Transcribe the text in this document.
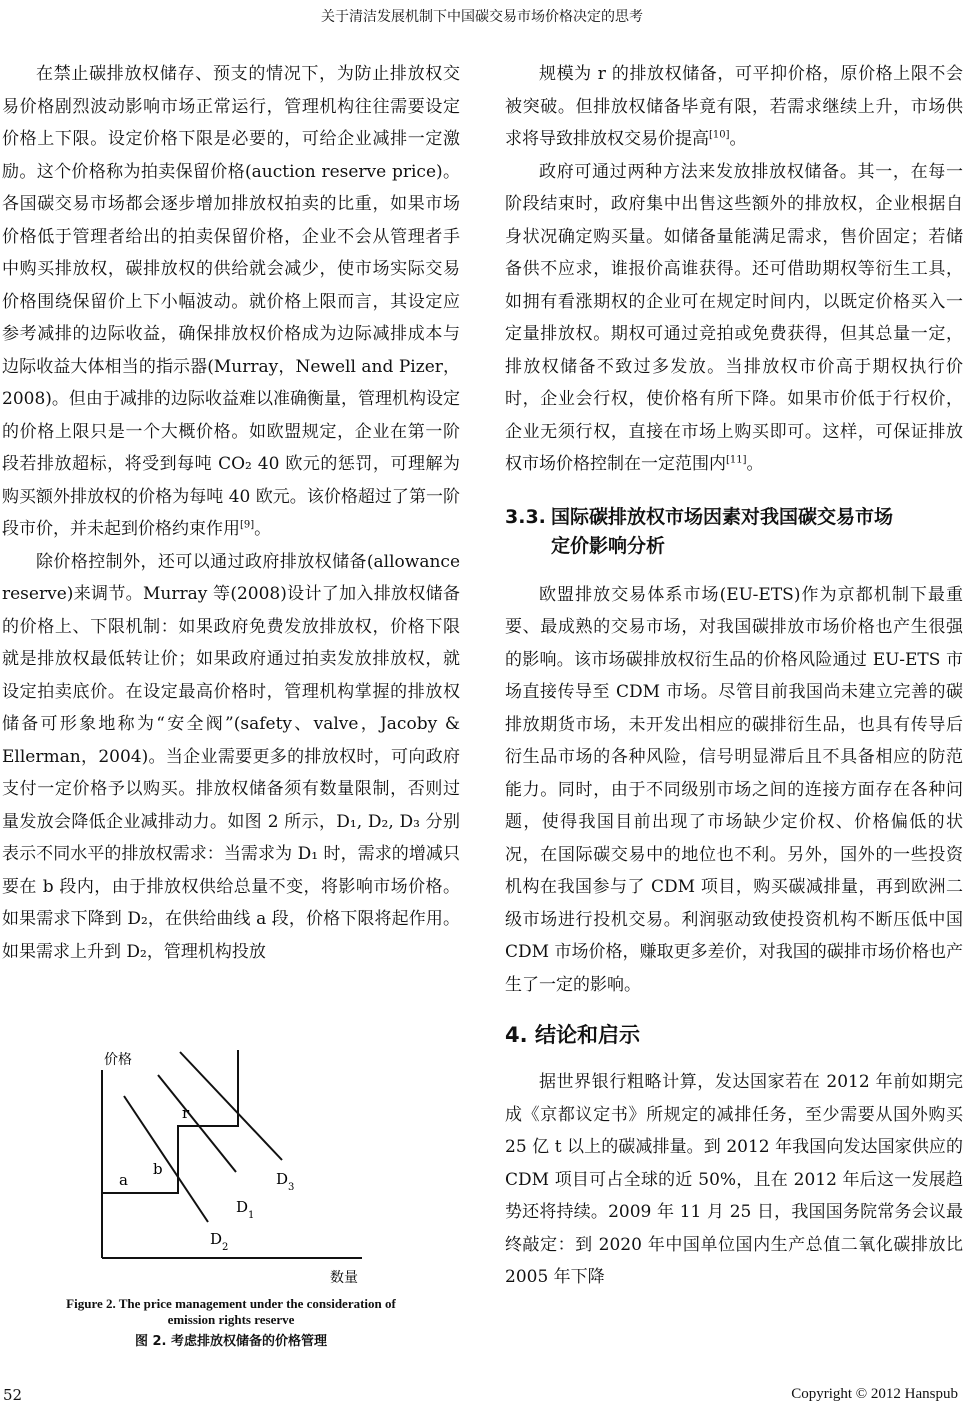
关于清洁发展机制下中国碳交易市场价格决定的思考

在禁止碳排放权储存、预支的情况下，为防止排放权交易价格剧烈波动影响市场正常运行，管理机构往往需要设定价格上下限。设定价格下限是必要的，可给企业减排一定激励。这个价格称为拍卖保留价格(auction reserve price)。各国碳交易市场都会逐步增加排放权拍卖的比重，如果市场价格低于管理者给出的拍卖保留价格，企业不会从管理者手中购买排放权，碳排放权的供给就会减少，使市场实际交易价格围绕保留价上下小幅波动。就价格上限而言，其设定应参考减排的边际收益，确保排放权价格成为边际减排成本与边际收益大体相当的指示器(Murray，Newell and Pizer，2008)。但由于减排的边际收益难以准确衡量，管理机构设定的价格上限只是一个大概价格。如欧盟规定，企业在第一阶段若排放超标，将受到每吨 CO₂ 40 欧元的惩罚，可理解为购买额外排放权的价格为每吨 40 欧元。该价格超过了第一阶段市价，并未起到价格约束作用[9]。

除价格控制外，还可以通过政府排放权储备(allowance reserve)来调节。Murray 等(2008)设计了加入排放权储备的价格上、下限机制：如果政府免费发放排放权，价格下限就是排放权最低转让价；如果政府通过拍卖发放排放权，就设定拍卖底价。在设定最高价格时，管理机构掌握的排放权储备可形象地称为“安全阀”(safety、valve，Jacoby & Ellerman，2004)。当企业需要更多的排放权时，可向政府支付一定价格予以购买。排放权储备须有数量限制，否则过量发放会降低企业减排动力。如图 2 所示，D₁, D₂, D₃ 分别表示不同水平的排放权需求：当需求为 D₁ 时，需求的增减只要在 b 段内，由于排放权供给总量不变，将影响市场价格。如果需求下降到 D₂，在供给曲线 a 段，价格下限将起作用。如果需求上升到 D₂，管理机构投放

规模为 r 的排放权储备，可平抑价格，原价格上限不会被突破。但排放权储备毕竟有限，若需求继续上升，市场供求将导致排放权交易价提高[10]。

政府可通过两种方法来发放排放权储备。其一，在每一阶段结束时，政府集中出售这些额外的排放权，企业根据自身状况确定购买量。如储备量能满足需求，售价固定；若储备供不应求，谁报价高谁获得。还可借助期权等衍生工具，如拥有看涨期权的企业可在规定时间内，以既定价格买入一定量排放权。期权可通过竞拍或免费获得，但其总量一定，排放权储备不致过多发放。当排放权市价高于期权执行价时，企业会行权，使价格有所下降。如果市价低于行权价，企业无须行权，直接在市场上购买即可。这样，可保证排放权市场价格控制在一定范围内[11]。

3.3. 国际碳排放权市场因素对我国碳交易市场
定价影响分析

欧盟排放交易体系市场(EU-ETS)作为京都机制下最重要、最成熟的交易市场，对我国碳排放市场价格也产生很强的影响。该市场碳排放权衍生品的价格风险通过 EU-ETS 市场直接传导至 CDM 市场。尽管目前我国尚未建立完善的碳排放期货市场，未开发出相应的碳排衍生品，也具有传导后衍生品市场的各种风险，信号明显滞后且不具备相应的防范能力。同时，由于不同级别市场之间的连接方面存在各种问题，使得我国目前出现了市场缺少定价权、价格偏低的状况，在国际碳交易中的地位也不利。另外，国外的一些投资机构在我国参与了 CDM 项目，购买碳减排量，再到欧洲二级市场进行投机交易。利润驱动致使投资机构不断压低中国 CDM 市场价格，赚取更多差价，对我国的碳排市场价格也产生了一定的影响。

4. 结论和启示

据世界银行粗略计算，发达国家若在 2012 年前如期完成《京都议定书》所规定的减排任务，至少需要从国外购买 25 亿 t 以上的碳减排量。到 2012 年我国向发达国家供应的 CDM 项目可占全球的近 50%，且在 2012 年后这一发展趋势还将持续。2009 年 11 月 25 日，我国国务院常务会议最终敲定：到 2020 年中国单位国内生产总值二氧化碳排放比 2005 年下降

价格
数量
a
b
r
$D_3$
$D_1$
$D_2$
Figure 2. The price management under the consideration of
emission rights reserve
图 2. 考虑排放权储备的价格管理
52	Copyright © 2012 Hanspub
